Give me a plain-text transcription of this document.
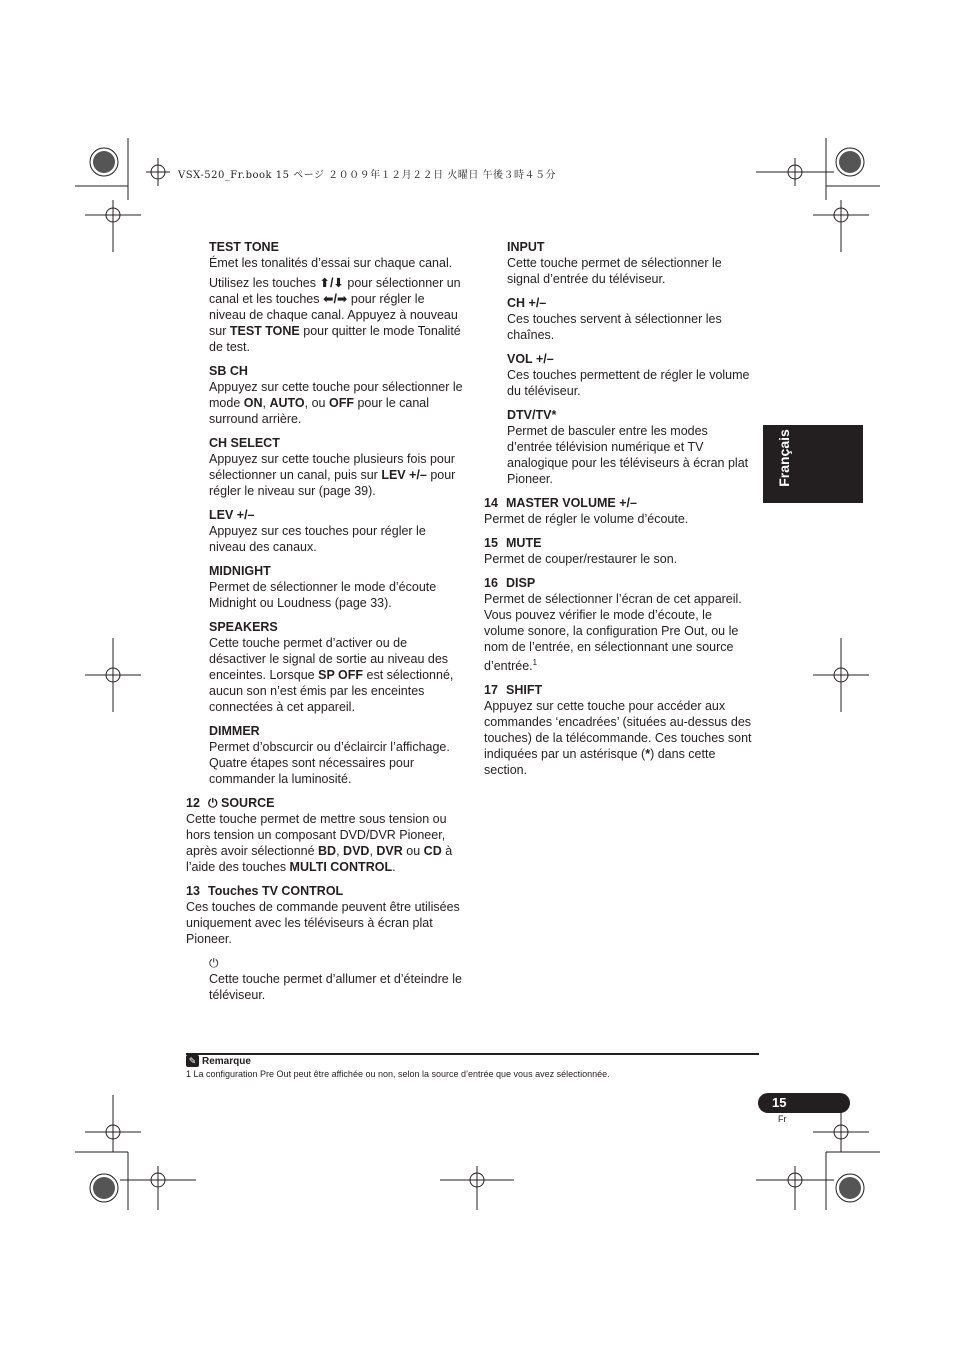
VSX-520_Fr.book 15 ページ ２００９年１２月２２日 火曜日 午後３時４５分
Français
TEST TONE
Émet les tonalités d’essai sur chaque canal.
Utilisez les touches ⬆/⬇ pour sélectionner un canal et les touches ⬅/➡ pour régler le niveau de chaque canal. Appuyez à nouveau sur TEST TONE pour quitter le mode Tonalité de test.
SB CH
Appuyez sur cette touche pour sélectionner le mode ON, AUTO, ou OFF pour le canal surround arrière.
CH SELECT
Appuyez sur cette touche plusieurs fois pour sélectionner un canal, puis sur LEV +/– pour régler le niveau sur (page 39).
LEV +/–
Appuyez sur ces touches pour régler le niveau des canaux.
MIDNIGHT
Permet de sélectionner le mode d’écoute Midnight ou Loudness (page 33).
SPEAKERS
Cette touche permet d’activer ou de désactiver le signal de sortie au niveau des enceintes. Lorsque SP OFF est sélectionné, aucun son n’est émis par les enceintes connectées à cet appareil.
DIMMER
Permet d’obscurcir ou d’éclaircir l’affichage. Quatre étapes sont nécessaires pour commander la luminosité.
12 ⏻ SOURCE
Cette touche permet de mettre sous tension ou hors tension un composant DVD/DVR Pioneer, après avoir sélectionné BD, DVD, DVR ou CD à l’aide des touches MULTI CONTROL.
13 Touches TV CONTROL
Ces touches de commande peuvent être utilisées uniquement avec les téléviseurs à écran plat Pioneer.
⏻
Cette touche permet d’allumer et d’éteindre le téléviseur.
INPUT
Cette touche permet de sélectionner le signal d’entrée du téléviseur.
CH +/–
Ces touches servent à sélectionner les chaînes.
VOL +/–
Ces touches permettent de régler le volume du téléviseur.
DTV/TV*
Permet de basculer entre les modes d’entrée télévision numérique et TV analogique pour les téléviseurs à écran plat Pioneer.
14 MASTER VOLUME +/–
Permet de régler le volume d’écoute.
15 MUTE
Permet de couper/restaurer le son.
16 DISP
Permet de sélectionner l’écran de cet appareil. Vous pouvez vérifier le mode d’écoute, le volume sonore, la configuration Pre Out, ou le nom de l’entrée, en sélectionnant une source d’entrée.$^1$
17 SHIFT
Appuyez sur cette touche pour accéder aux commandes ‘encadrées’ (situées au-dessus des touches) de la télécommande. Ces touches sont indiquées par un astérisque (*) dans cette section.
✎ Remarque
1 La configuration Pre Out peut être affichée ou non, selon la source d’entrée que vous avez sélectionnée.
15
Fr
